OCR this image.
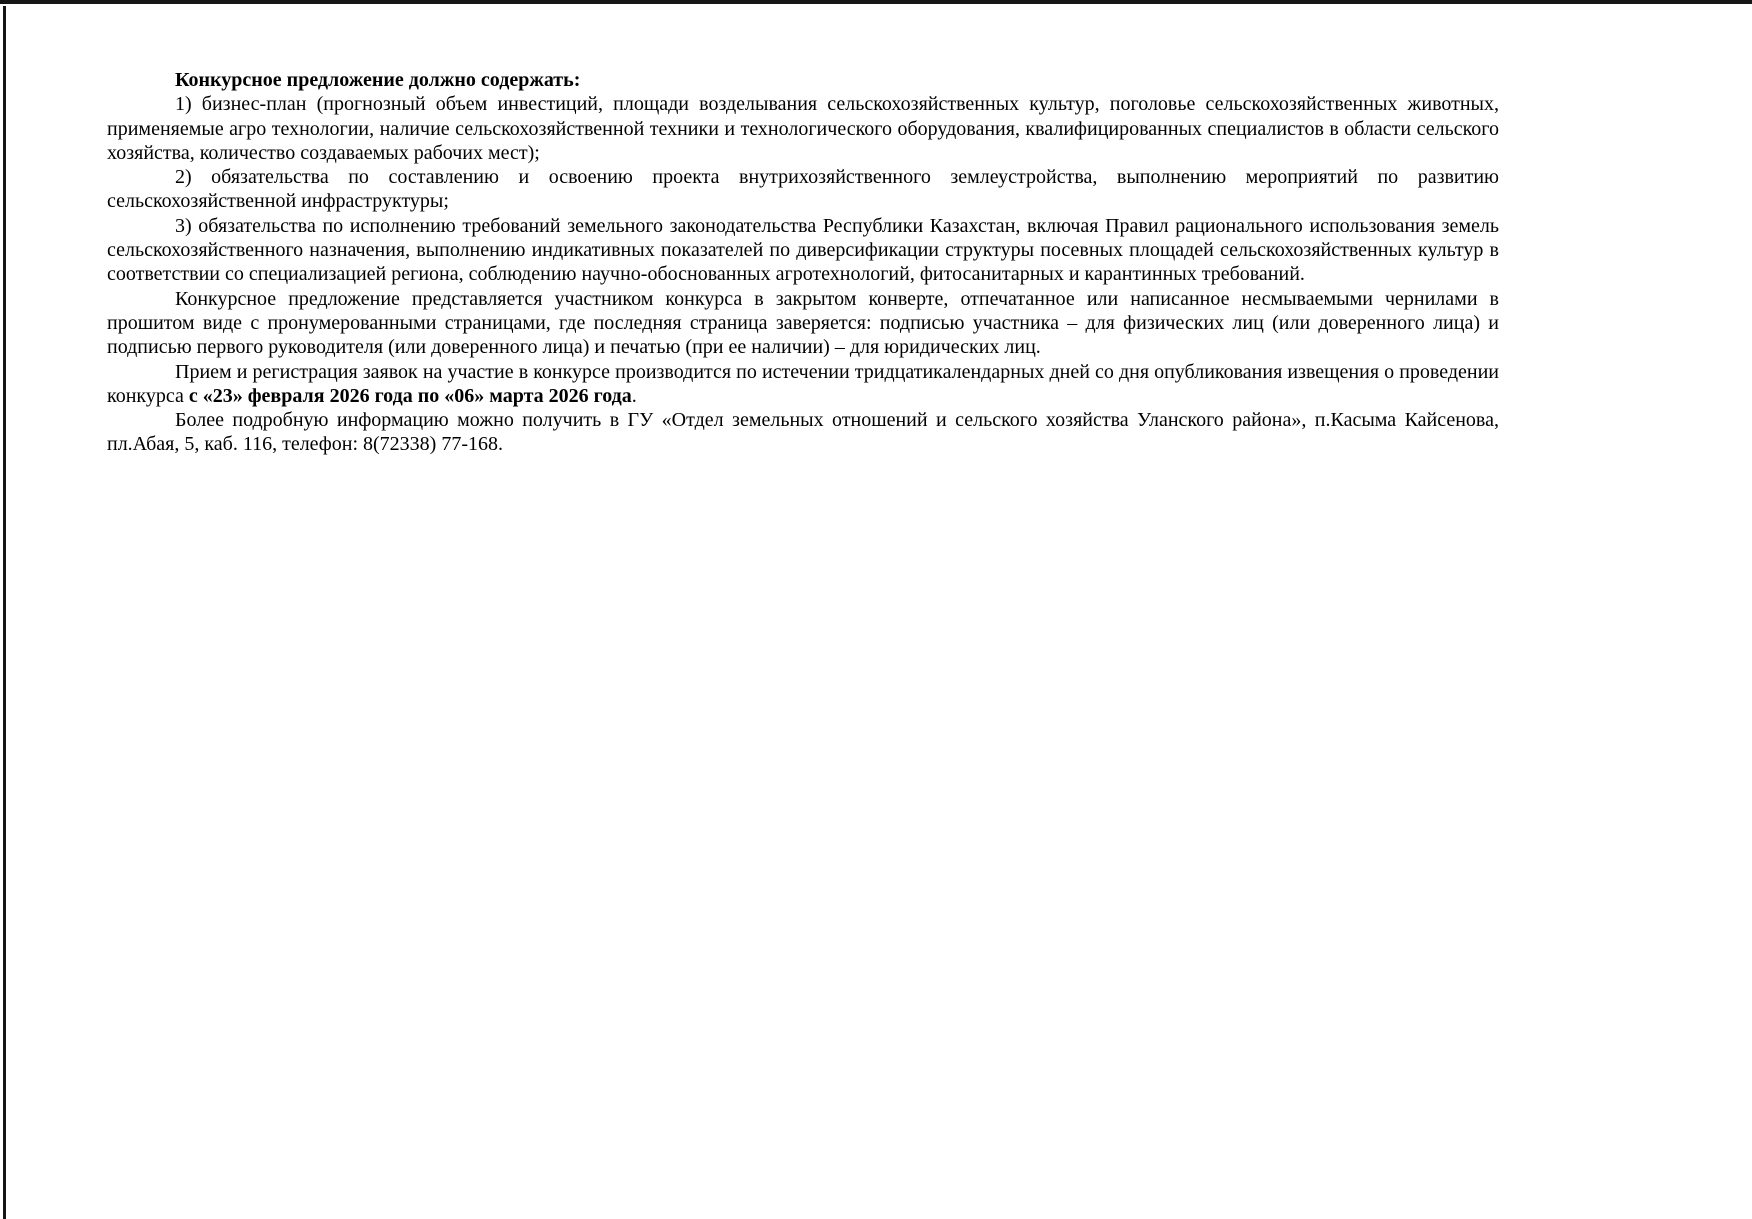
Конкурсное предложение должно содержать:

1) бизнес-план (прогнозный объем инвестиций, площади возделывания сельскохозяйственных культур, поголовье сельскохозяйственных животных, применяемые агро технологии, наличие сельскохозяйственной техники и технологического оборудования, квалифицированных специалистов в области сельского хозяйства, количество создаваемых рабочих мест);

2) обязательства по составлению и освоению проекта внутрихозяйственного землеустройства, выполнению мероприятий по развитию сельскохозяйственной инфраструктуры;

3) обязательства по исполнению требований земельного законодательства Республики Казахстан, включая Правил рационального использования земель сельскохозяйственного назначения, выполнению индикативных показателей по диверсификации структуры посевных площадей сельскохозяйственных культур в соответствии со специализацией региона, соблюдению научно-обоснованных агротехнологий, фитосанитарных и карантинных требований.

Конкурсное предложение представляется участником конкурса в закрытом конверте, отпечатанное или написанное несмываемыми чернилами в прошитом виде с пронумерованными страницами, где последняя страница заверяется: подписью участника – для физических лиц (или доверенного лица) и подписью первого руководителя (или доверенного лица) и печатью (при ее наличии) – для юридических лиц.

Прием и регистрация заявок на участие в конкурсе производится по истечении тридцатикалендарных дней со дня опубликования извещения о проведении конкурса с «23» февраля 2026 года по «06» марта 2026 года.

Более подробную информацию можно получить в ГУ «Отдел земельных отношений и сельского хозяйства Уланского района», п.Касыма Кайсенова, пл.Абая, 5, каб. 116, телефон: 8(72338) 77-168.
